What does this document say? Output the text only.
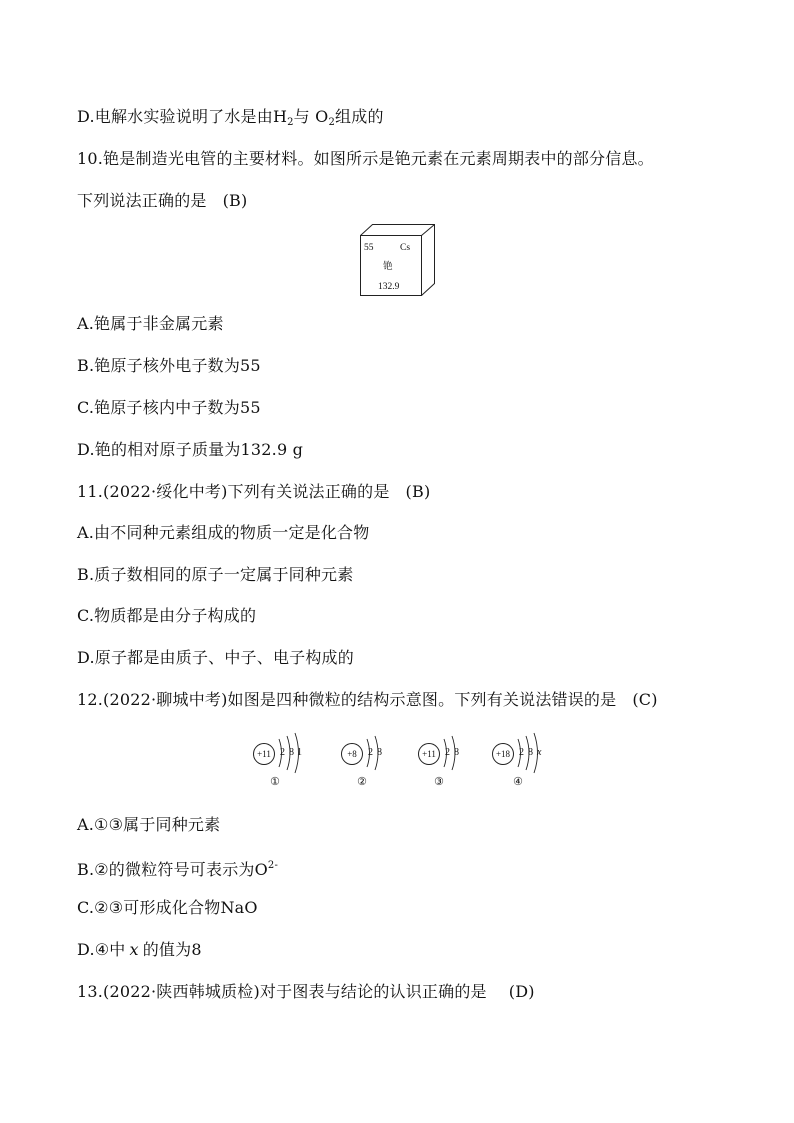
D.电解水实验说明了水是由$H_2$与 $O_2$组成的
10.铯是制造光电管的主要材料。如图所示是铯元素在元素周期表中的部分信息。
下列说法正确的是 (B)
55	Cs
铯
132.9
A.铯属于非金属元素
B.铯原子核外电子数为55
C.铯原子核内中子数为55
D.铯的相对原子质量为132.9 g
11.(2022·绥化中考)下列有关说法正确的是 (B)
A.由不同种元素组成的物质一定是化合物
B.质子数相同的原子一定属于同种元素
C.物质都是由分子构成的
D.原子都是由质子、中子、电子构成的
12.(2022·聊城中考)如图是四种微粒的结构示意图。下列有关说法错误的是 (C)
+11 2 8 1
①
+8	2 8
②
+11 2 8
③
+18 2 8 x
④
A.①③属于同种元素
B.②的微粒符号可表示为$O^{2-}$
C.②③可形成化合物NaO
D.④中 x 的值为8
13.(2022·陕西韩城质检)对于图表与结论的认识正确的是 (D)
